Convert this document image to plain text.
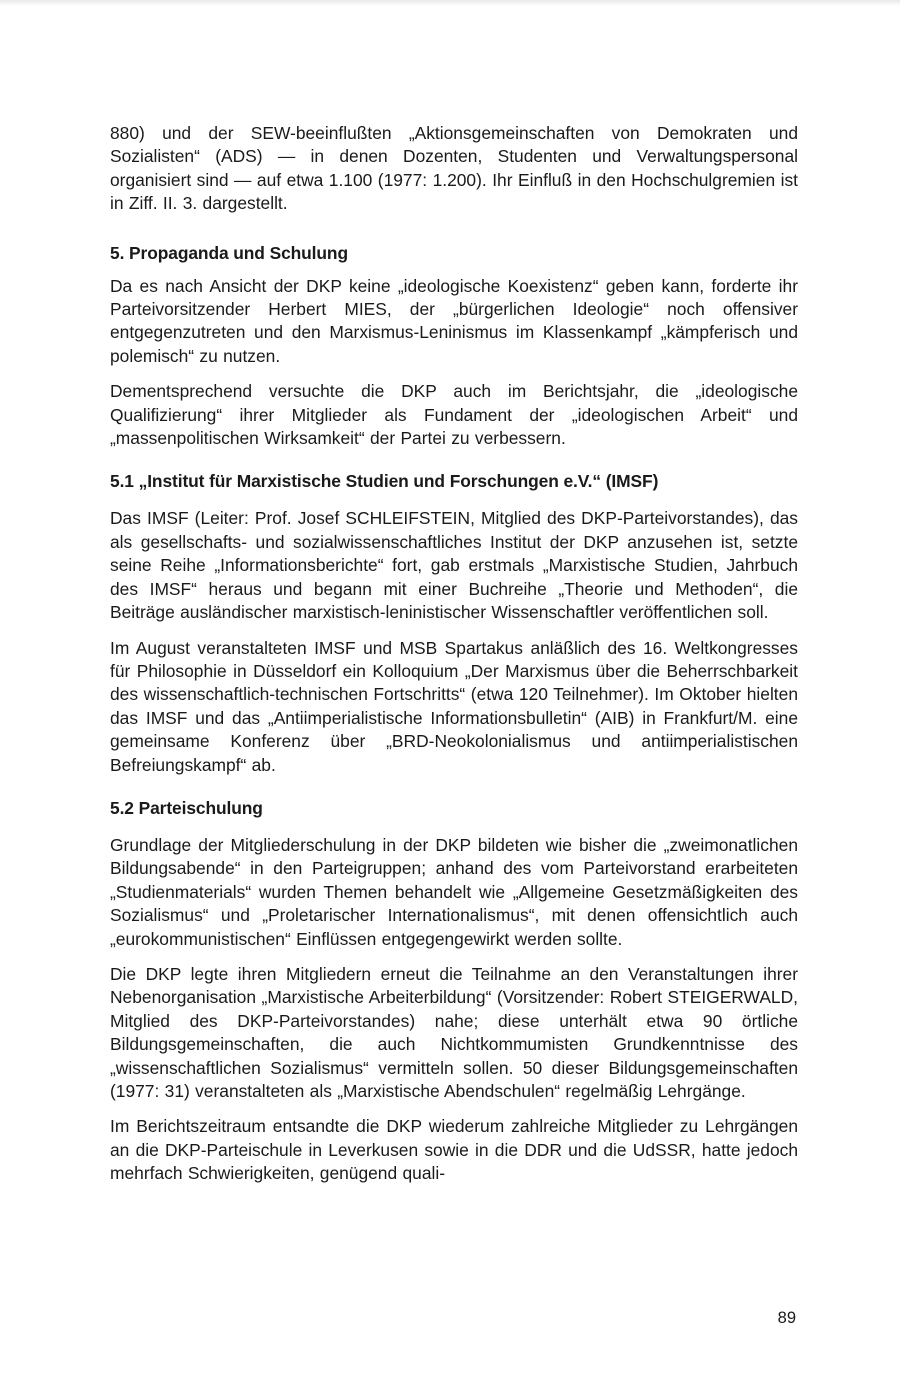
880) und der SEW-beeinflußten „Aktionsgemeinschaften von Demokraten und Sozialisten“ (ADS) — in denen Dozenten, Studenten und Verwaltungspersonal organisiert sind — auf etwa 1.100 (1977: 1.200). Ihr Einfluß in den Hochschulgremien ist in Ziff. II. 3. dargestellt.

5. Propaganda und Schulung

Da es nach Ansicht der DKP keine „ideologische Koexistenz“ geben kann, forderte ihr Parteivorsitzender Herbert MIES, der „bürgerlichen Ideologie“ noch offensiver entgegenzutreten und den Marxismus-Leninismus im Klassenkampf „kämpferisch und polemisch“ zu nutzen.

Dementsprechend versuchte die DKP auch im Berichtsjahr, die „ideologische Qualifizierung“ ihrer Mitglieder als Fundament der „ideologischen Arbeit“ und „massenpolitischen Wirksamkeit“ der Partei zu verbessern.

5.1 „Institut für Marxistische Studien und Forschungen e.V.“ (IMSF)

Das IMSF (Leiter: Prof. Josef SCHLEIFSTEIN, Mitglied des DKP-Parteivorstandes), das als gesellschafts- und sozialwissenschaftliches Institut der DKP anzusehen ist, setzte seine Reihe „Informationsberichte“ fort, gab erstmals „Marxistische Studien, Jahrbuch des IMSF“ heraus und begann mit einer Buchreihe „Theorie und Methoden“, die Beiträge ausländischer marxistisch-leninistischer Wissenschaftler veröffentlichen soll.

Im August veranstalteten IMSF und MSB Spartakus anläßlich des 16. Weltkongresses für Philosophie in Düsseldorf ein Kolloquium „Der Marxismus über die Beherrschbarkeit des wissenschaftlich-technischen Fortschritts“ (etwa 120 Teilnehmer). Im Oktober hielten das IMSF und das „Antiimperialistische Informationsbulletin“ (AIB) in Frankfurt/M. eine gemeinsame Konferenz über „BRD-Neokolonialismus und antiimperialistischen Befreiungskampf“ ab.

5.2 Parteischulung

Grundlage der Mitgliederschulung in der DKP bildeten wie bisher die „zweimonatlichen Bildungsabende“ in den Parteigruppen; anhand des vom Parteivorstand erarbeiteten „Studienmaterials“ wurden Themen behandelt wie „Allgemeine Gesetzmäßigkeiten des Sozialismus“ und „Proletarischer Internationalismus“, mit denen offensichtlich auch „eurokommunistischen“ Einflüssen entgegengewirkt werden sollte.

Die DKP legte ihren Mitgliedern erneut die Teilnahme an den Veranstaltungen ihrer Nebenorganisation „Marxistische Arbeiterbildung“ (Vorsitzender: Robert STEIGERWALD, Mitglied des DKP-Parteivorstandes) nahe; diese unterhält etwa 90 örtliche Bildungsgemeinschaften, die auch Nichtkommumisten Grundkenntnisse des „wissenschaftlichen Sozialismus“ vermitteln sollen. 50 dieser Bildungsgemeinschaften (1977: 31) veranstalteten als „Marxistische Abendschulen“ regelmäßig Lehrgänge.

Im Berichtszeitraum entsandte die DKP wiederum zahlreiche Mitglieder zu Lehrgängen an die DKP-Parteischule in Leverkusen sowie in die DDR und die UdSSR, hatte jedoch mehrfach Schwierigkeiten, genügend quali-

89
